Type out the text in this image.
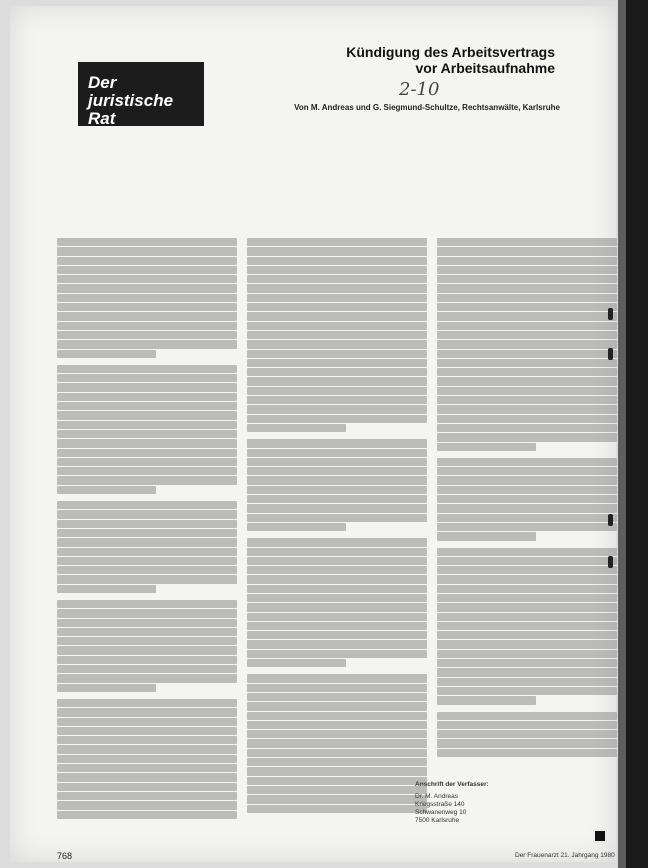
Der
juristische Rat
Kündigung des Arbeitsvertrags
vor Arbeitsaufnahme
2-10
Von M. Andreas und G. Siegmund-Schultze, Rechtsanwälte, Karlsruhe
Anschrift der Verfasser:
Dr. M. Andreas
Kriegsstraße 140
Schwanenweg 10
7500 Karlsruhe
768	Der Frauenarzt 21. Jahrgang 1980
